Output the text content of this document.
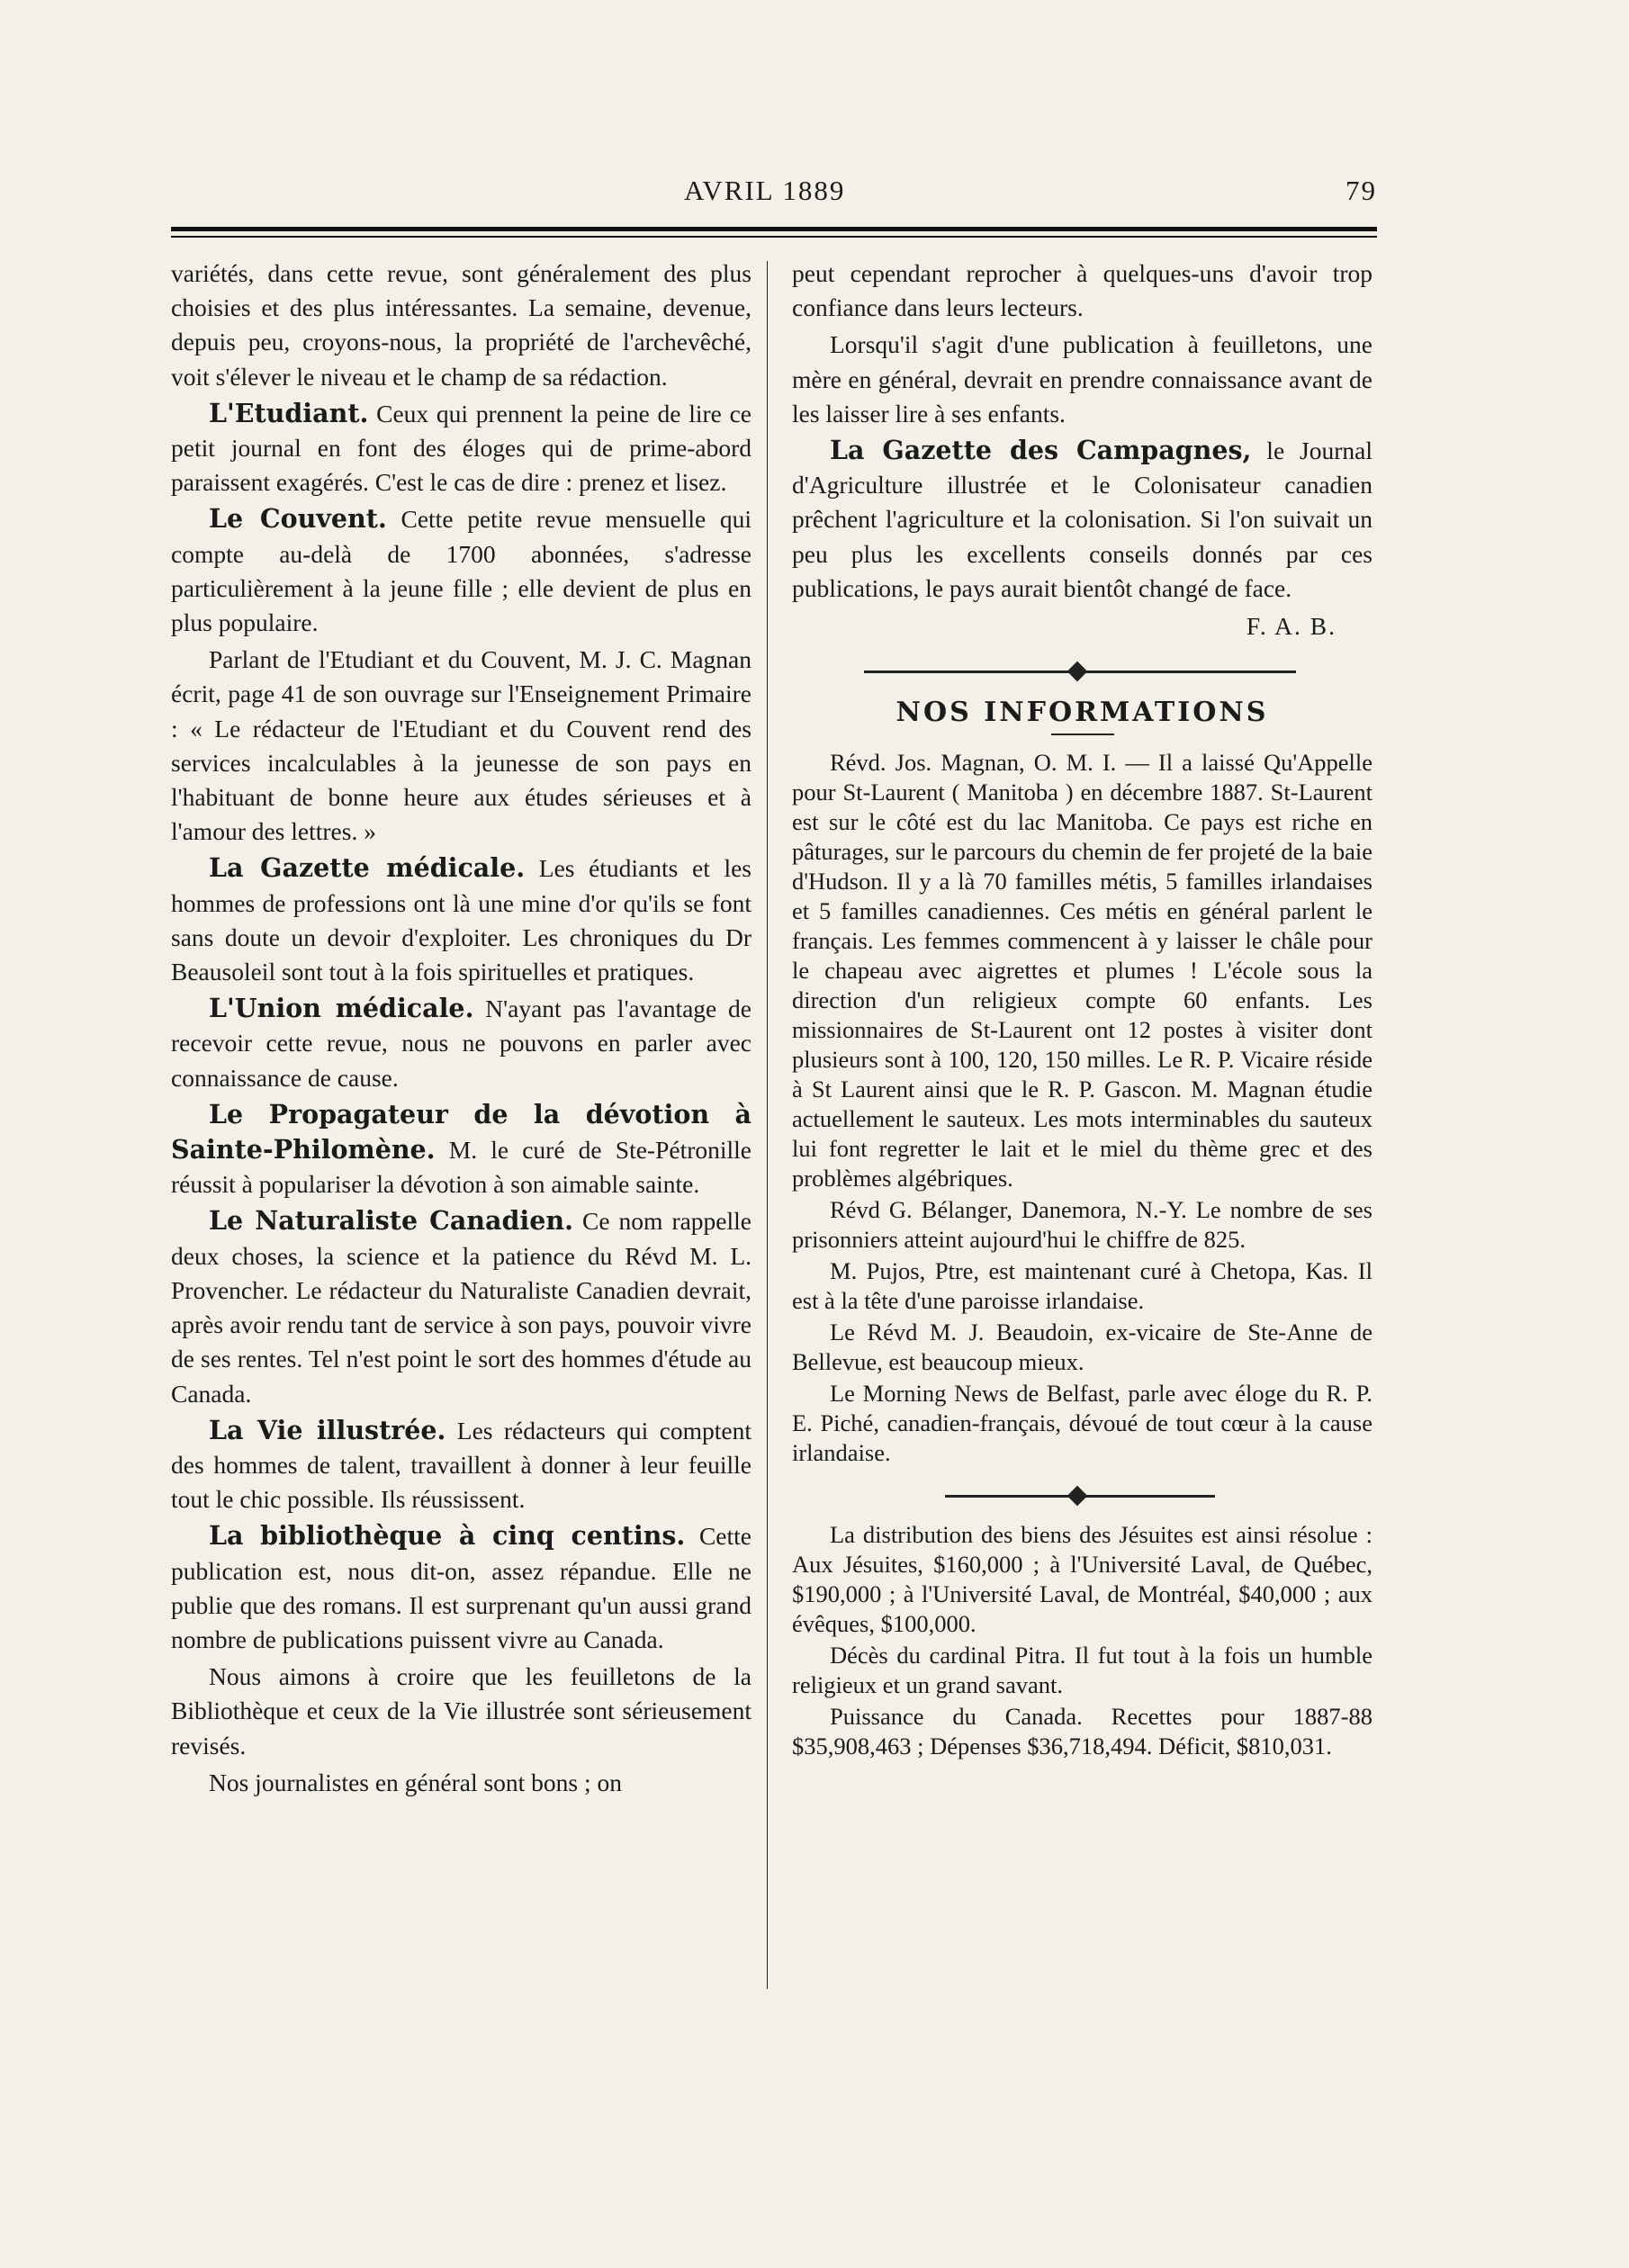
AVRIL 1889	79

variétés, dans cette revue, sont généralement des plus choisies et des plus intéressantes. La semaine, devenue, depuis peu, croyons-nous, la propriété de l'archevêché, voit s'élever le niveau et le champ de sa rédaction.

L'Etudiant. Ceux qui prennent la peine de lire ce petit journal en font des éloges qui de prime-abord paraissent exagérés. C'est le cas de dire : prenez et lisez.

Le Couvent. Cette petite revue mensuelle qui compte au-delà de 1700 abonnées, s'adresse particulièrement à la jeune fille ; elle devient de plus en plus populaire.

Parlant de l'Etudiant et du Couvent, M. J. C. Magnan écrit, page 41 de son ouvrage sur l'Enseignement Primaire : « Le rédacteur de l'Etudiant et du Couvent rend des services incalculables à la jeunesse de son pays en l'habituant de bonne heure aux études sérieuses et à l'amour des lettres. »

La Gazette médicale. Les étudiants et les hommes de professions ont là une mine d'or qu'ils se font sans doute un devoir d'exploiter. Les chroniques du Dr Beausoleil sont tout à la fois spirituelles et pratiques.

L'Union médicale. N'ayant pas l'avantage de recevoir cette revue, nous ne pouvons en parler avec connaissance de cause.

Le Propagateur de la dévotion à Sainte-Philomène. M. le curé de Ste-Pétronille réussit à populariser la dévotion à son aimable sainte.

Le Naturaliste Canadien. Ce nom rappelle deux choses, la science et la patience du Révd M. L. Provencher. Le rédacteur du Naturaliste Canadien devrait, après avoir rendu tant de service à son pays, pouvoir vivre de ses rentes. Tel n'est point le sort des hommes d'étude au Canada.

La Vie illustrée. Les rédacteurs qui comptent des hommes de talent, travaillent à donner à leur feuille tout le chic possible. Ils réussissent.

La bibliothèque à cinq centins. Cette publication est, nous dit-on, assez répandue. Elle ne publie que des romans. Il est surprenant qu'un aussi grand nombre de publications puissent vivre au Canada.

Nous aimons à croire que les feuilletons de la Bibliothèque et ceux de la Vie illustrée sont sérieusement revisés.

Nos journalistes en général sont bons ; on

peut cependant reprocher à quelques-uns d'avoir trop confiance dans leurs lecteurs.

Lorsqu'il s'agit d'une publication à feuilletons, une mère en général, devrait en prendre connaissance avant de les laisser lire à ses enfants.

La Gazette des Campagnes, le Journal d'Agriculture illustrée et le Colonisateur canadien prêchent l'agriculture et la colonisation. Si l'on suivait un peu plus les excellents conseils donnés par ces publications, le pays aurait bientôt changé de face.

F. A. B.
NOS INFORMATIONS

Révd. Jos. Magnan, O. M. I. — Il a laissé Qu'Appelle pour St-Laurent ( Manitoba ) en décembre 1887. St-Laurent est sur le côté est du lac Manitoba. Ce pays est riche en pâturages, sur le parcours du chemin de fer projeté de la baie d'Hudson. Il y a là 70 familles métis, 5 familles irlandaises et 5 familles canadiennes. Ces métis en général parlent le français. Les femmes commencent à y laisser le châle pour le chapeau avec aigrettes et plumes ! L'école sous la direction d'un religieux compte 60 enfants. Les missionnaires de St-Laurent ont 12 postes à visiter dont plusieurs sont à 100, 120, 150 milles. Le R. P. Vicaire réside à St Laurent ainsi que le R. P. Gascon. M. Magnan étudie actuellement le sauteux. Les mots interminables du sauteux lui font regretter le lait et le miel du thème grec et des problèmes algébriques.

Révd G. Bélanger, Danemora, N.-Y. Le nombre de ses prisonniers atteint aujourd'hui le chiffre de 825.

M. Pujos, Ptre, est maintenant curé à Chetopa, Kas. Il est à la tête d'une paroisse irlandaise.

Le Révd M. J. Beaudoin, ex-vicaire de Ste-Anne de Bellevue, est beaucoup mieux.

Le Morning News de Belfast, parle avec éloge du R. P. E. Piché, canadien-français, dévoué de tout cœur à la cause irlandaise.

La distribution des biens des Jésuites est ainsi résolue : Aux Jésuites, $160,000 ; à l'Université Laval, de Québec, $190,000 ; à l'Université Laval, de Montréal, $40,000 ; aux évêques, $100,000.

Décès du cardinal Pitra. Il fut tout à la fois un humble religieux et un grand savant.

Puissance du Canada. Recettes pour 1887-88 $35,908,463 ; Dépenses $36,718,494. Déficit, $810,031.
